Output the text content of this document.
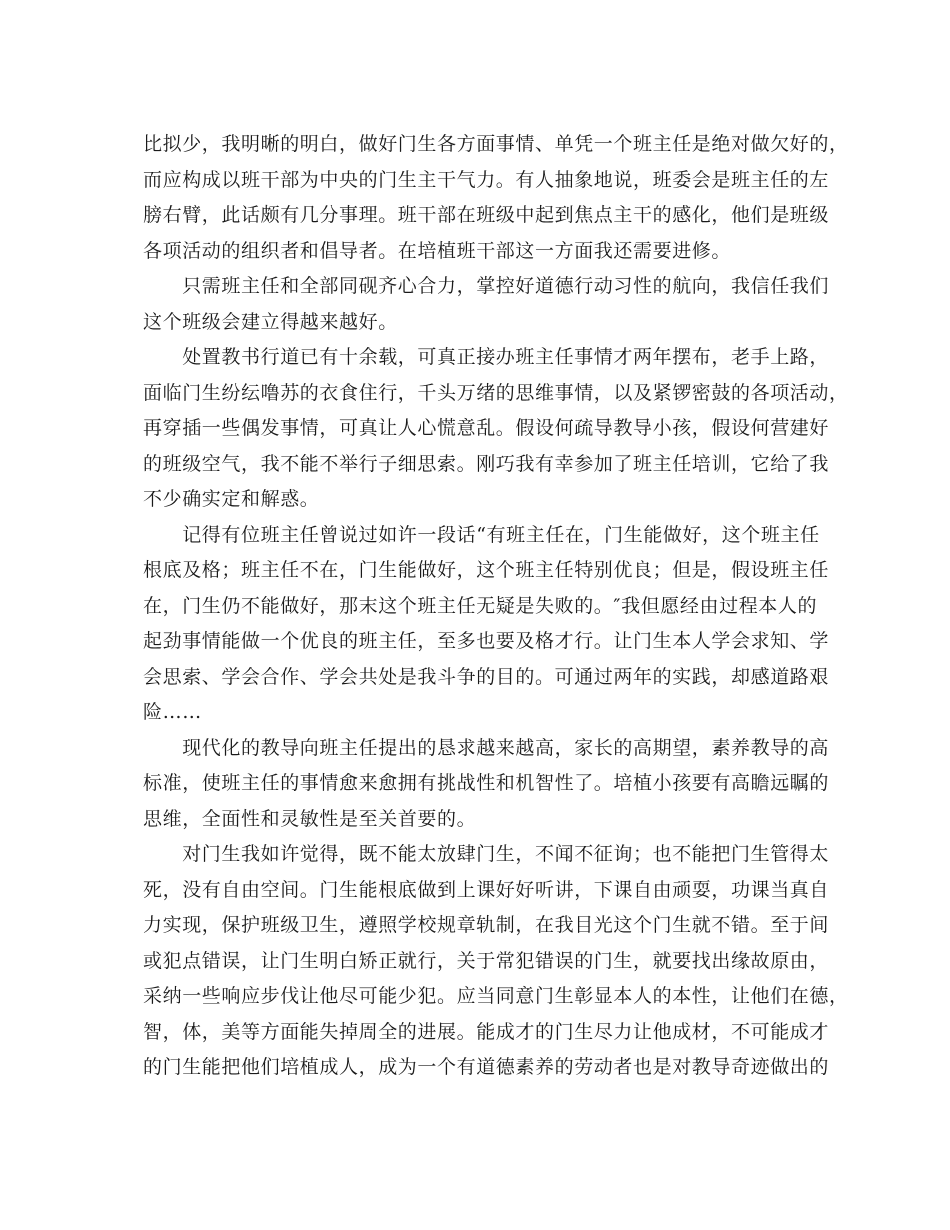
比拟少，我明晰的明白，做好门生各方面事情、单凭一个班主任是绝对做欠好的，
而应构成以班干部为中央的门生主干气力。有人抽象地说，班委会是班主任的左
膀右臂，此话颇有几分事理。班干部在班级中起到焦点主干的感化，他们是班级
各项活动的组织者和倡导者。在培植班干部这一方面我还需要进修。
　　只需班主任和全部同砚齐心合力，掌控好道德行动习性的航向，我信任我们
这个班级会建立得越来越好。
　　处置教书行道已有十余载，可真正接办班主任事情才两年摆布，老手上路，
面临门生纷纭噜苏的衣食住行，千头万绪的思维事情，以及紧锣密鼓的各项活动，
再穿插一些偶发事情，可真让人心慌意乱。假设何疏导教导小孩，假设何营建好
的班级空气，我不能不举行子细思索。刚巧我有幸参加了班主任培训，它给了我
不少确实定和解惑。
　　记得有位班主任曾说过如许一段话“有班主任在，门生能做好，这个班主任
根底及格；班主任不在，门生能做好，这个班主任特别优良；但是，假设班主任
在，门生仍不能做好，那末这个班主任无疑是失败的。″我但愿经由过程本人的
起劲事情能做一个优良的班主任，至多也要及格才行。让门生本人学会求知、学
会思索、学会合作、学会共处是我斗争的目的。可通过两年的实践，却感道路艰
险……
　　现代化的教导向班主任提出的恳求越来越高，家长的高期望，素养教导的高
标准，使班主任的事情愈来愈拥有挑战性和机智性了。培植小孩要有高瞻远瞩的
思维，全面性和灵敏性是至关首要的。
　　对门生我如许觉得，既不能太放肆门生，不闻不征询；也不能把门生管得太
死，没有自由空间。门生能根底做到上课好好听讲，下课自由顽耍，功课当真自
力实现，保护班级卫生，遵照学校规章轨制，在我目光这个门生就不错。至于间
或犯点错误，让门生明白矫正就行，关于常犯错误的门生，就要找出缘故原由，
采纳一些响应步伐让他尽可能少犯。应当同意门生彰显本人的本性，让他们在德，
智，体，美等方面能失掉周全的进展。能成才的门生尽力让他成材，不可能成才
的门生能把他们培植成人，成为一个有道德素养的劳动者也是对教导奇迹做出的
